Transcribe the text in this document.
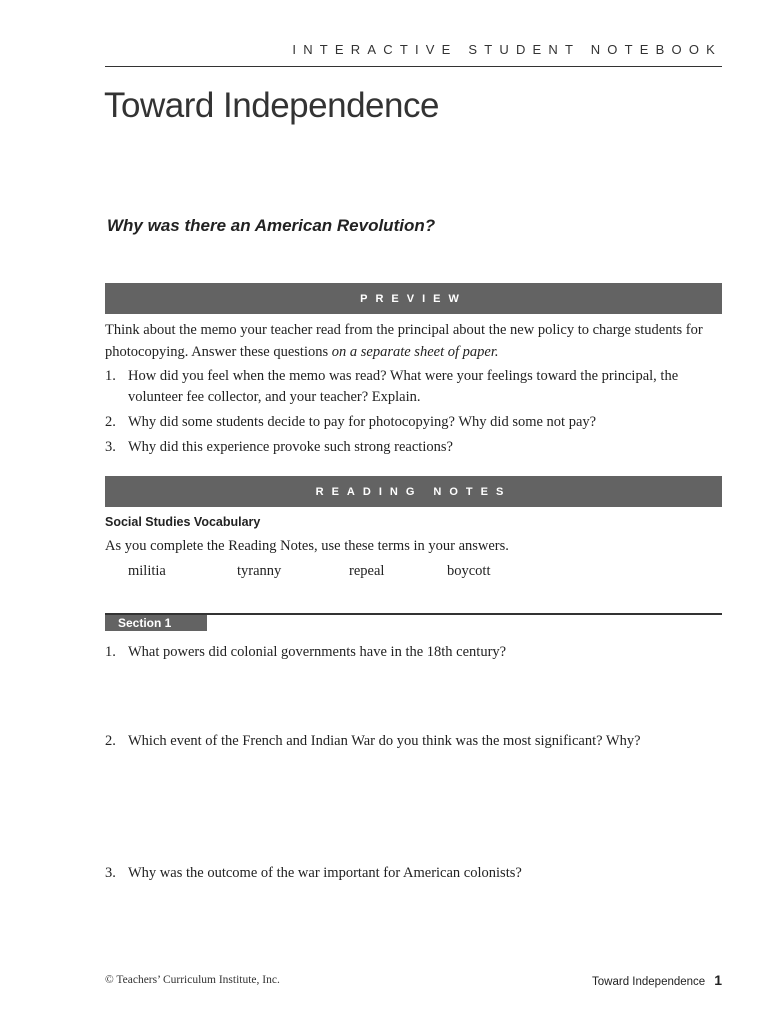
INTERACTIVE STUDENT NOTEBOOK
Toward Independence
Why was there an American Revolution?
PREVIEW
Think about the memo your teacher read from the principal about the new policy to charge students for photocopying. Answer these questions on a separate sheet of paper.
1. How did you feel when the memo was read? What were your feelings toward the principal, the volunteer fee collector, and your teacher? Explain.
2. Why did some students decide to pay for photocopying? Why did some not pay?
3. Why did this experience provoke such strong reactions?
READING NOTES
Social Studies Vocabulary
As you complete the Reading Notes, use these terms in your answers.
militia	tyranny	repeal	boycott
Section 1
1. What powers did colonial governments have in the 18th century?
2. Which event of the French and Indian War do you think was the most significant? Why?
3. Why was the outcome of the war important for American colonists?
© Teachers’ Curriculum Institute, Inc.	Toward Independence 1
